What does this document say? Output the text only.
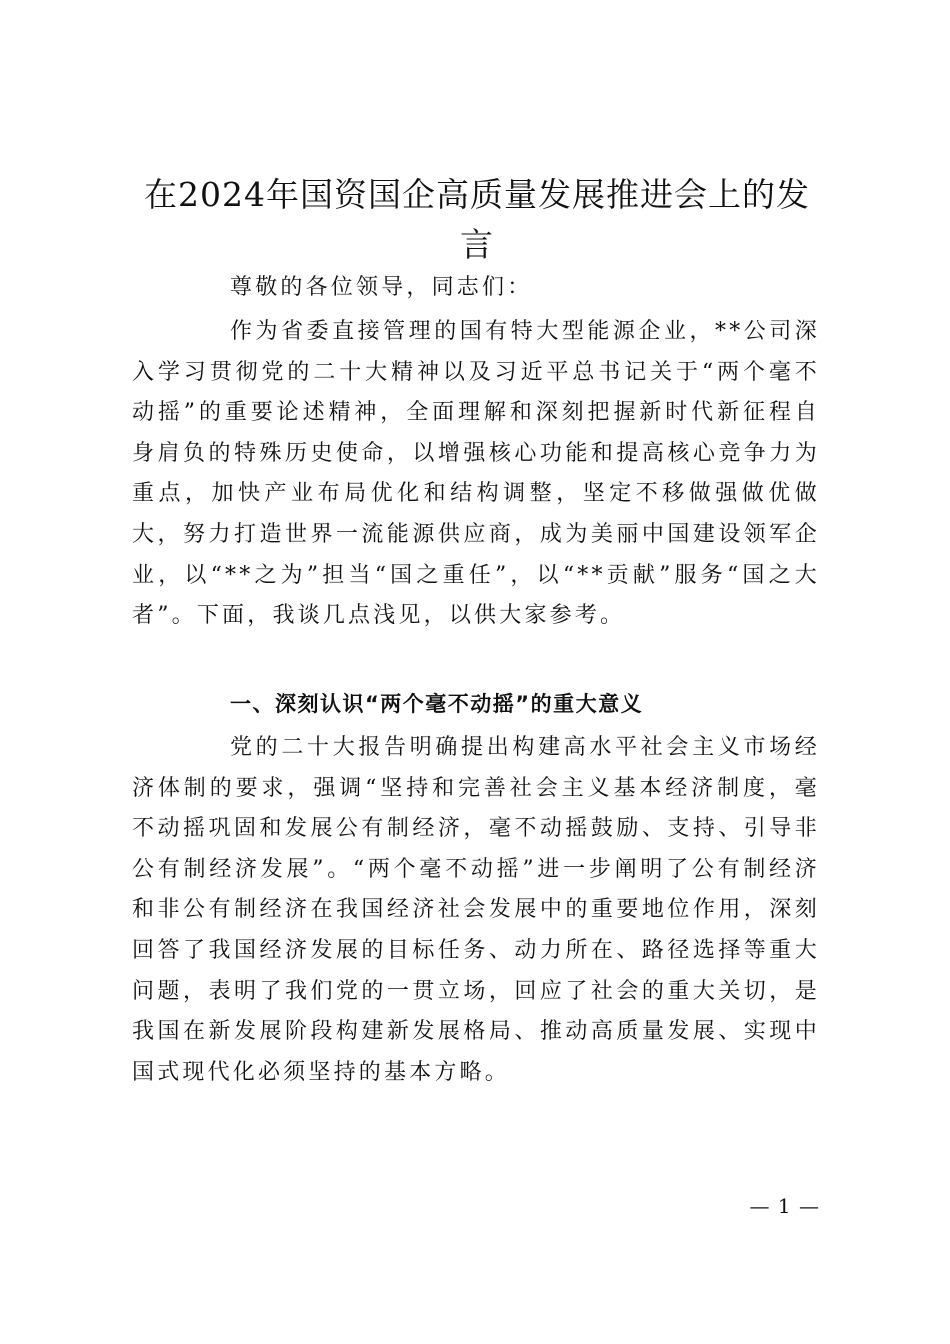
在2024年国资国企高质量发展推进会上的发言

尊敬的各位领导，同志们：

作为省委直接管理的国有特大型能源企业，**公司深入学习贯彻党的二十大精神以及习近平总书记关于“两个毫不动摇”的重要论述精神，全面理解和深刻把握新时代新征程自身肩负的特殊历史使命，以增强核心功能和提高核心竞争力为重点，加快产业布局优化和结构调整，坚定不移做强做优做大，努力打造世界一流能源供应商，成为美丽中国建设领军企业，以“**之为”担当“国之重任”，以“**贡献”服务“国之大者”。下面，我谈几点浅见，以供大家参考。

一、深刻认识“两个毫不动摇”的重大意义

党的二十大报告明确提出构建高水平社会主义市场经济体制的要求，强调“坚持和完善社会主义基本经济制度，毫不动摇巩固和发展公有制经济，毫不动摇鼓励、支持、引导非公有制经济发展”。“两个毫不动摇”进一步阐明了公有制经济和非公有制经济在我国经济社会发展中的重要地位作用，深刻回答了我国经济发展的目标任务、动力所在、路径选择等重大问题，表明了我们党的一贯立场，回应了社会的重大关切，是我国在新发展阶段构建新发展格局、推动高质量发展、实现中国式现代化必须坚持的基本方略。

— 1 —
